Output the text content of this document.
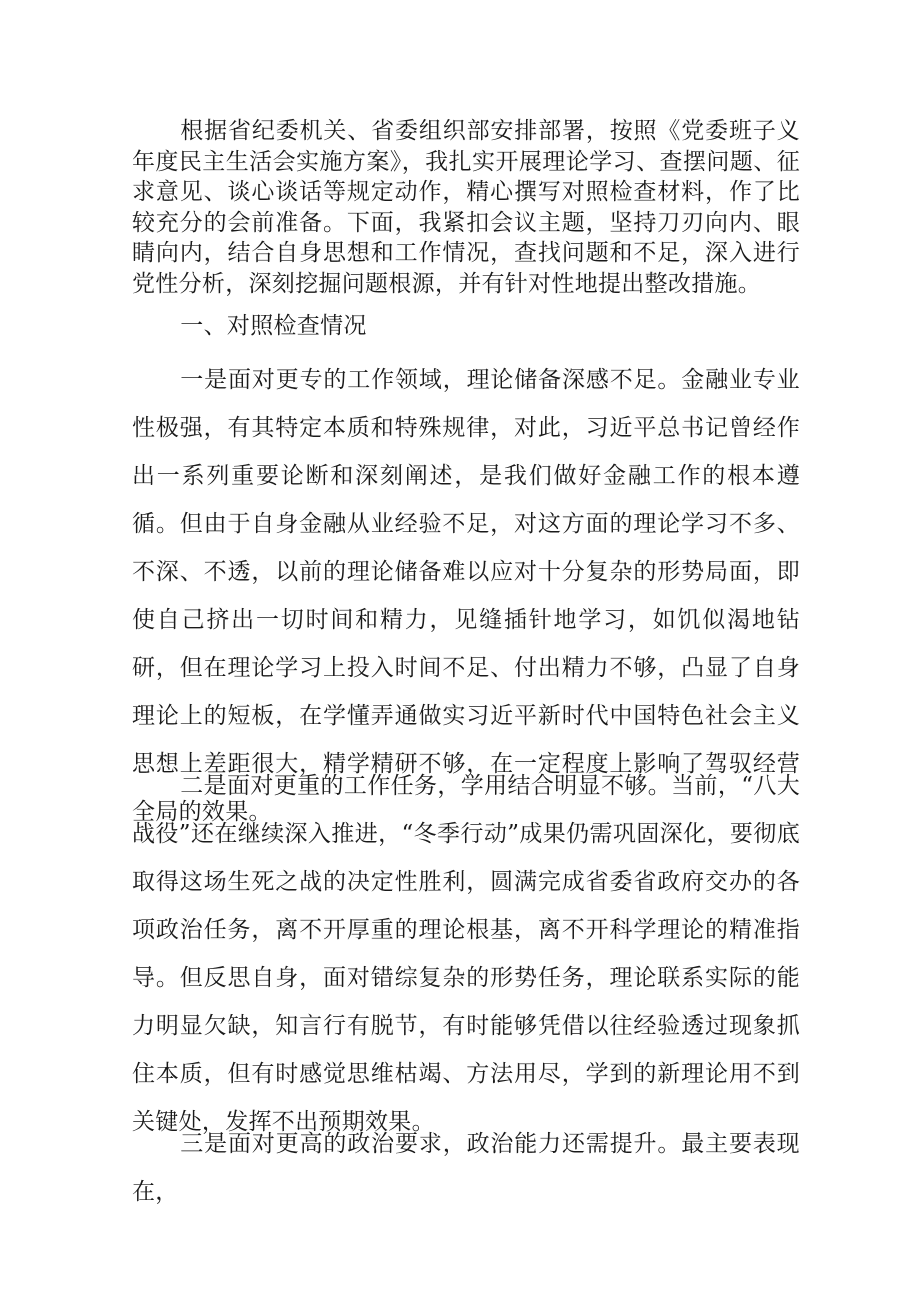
根据省纪委机关、省委组织部安排部署，按照《党委班子义年度民主生活会实施方案》，我扎实开展理论学习、查摆问题、征求意见、谈心谈话等规定动作，精心撰写对照检查材料，作了比较充分的会前准备。下面，我紧扣会议主题，坚持刀刃向内、眼睛向内，结合自身思想和工作情况，查找问题和不足，深入进行党性分析，深刻挖掘问题根源，并有针对性地提出整改措施。

一、对照检查情况

一是面对更专的工作领域，理论储备深感不足。金融业专业性极强，有其特定本质和特殊规律，对此，习近平总书记曾经作出一系列重要论断和深刻阐述，是我们做好金融工作的根本遵循。但由于自身金融从业经验不足，对这方面的理论学习不多、不深、不透，以前的理论储备难以应对十分复杂的形势局面，即使自己挤出一切时间和精力，见缝插针地学习，如饥似渴地钻研，但在理论学习上投入时间不足、付出精力不够，凸显了自身理论上的短板，在学懂弄通做实习近平新时代中国特色社会主义思想上差距很大，精学精研不够，在一定程度上影响了驾驭经营全局的效果。

二是面对更重的工作任务，学用结合明显不够。当前，“八大战役”还在继续深入推进，“冬季行动”成果仍需巩固深化，要彻底取得这场生死之战的决定性胜利，圆满完成省委省政府交办的各项政治任务，离不开厚重的理论根基，离不开科学理论的精准指导。但反思自身，面对错综复杂的形势任务，理论联系实际的能力明显欠缺，知言行有脱节，有时能够凭借以往经验透过现象抓住本质，但有时感觉思维枯竭、方法用尽，学到的新理论用不到关键处，发挥不出预期效果。

三是面对更高的政治要求，政治能力还需提升。最主要表现在，
